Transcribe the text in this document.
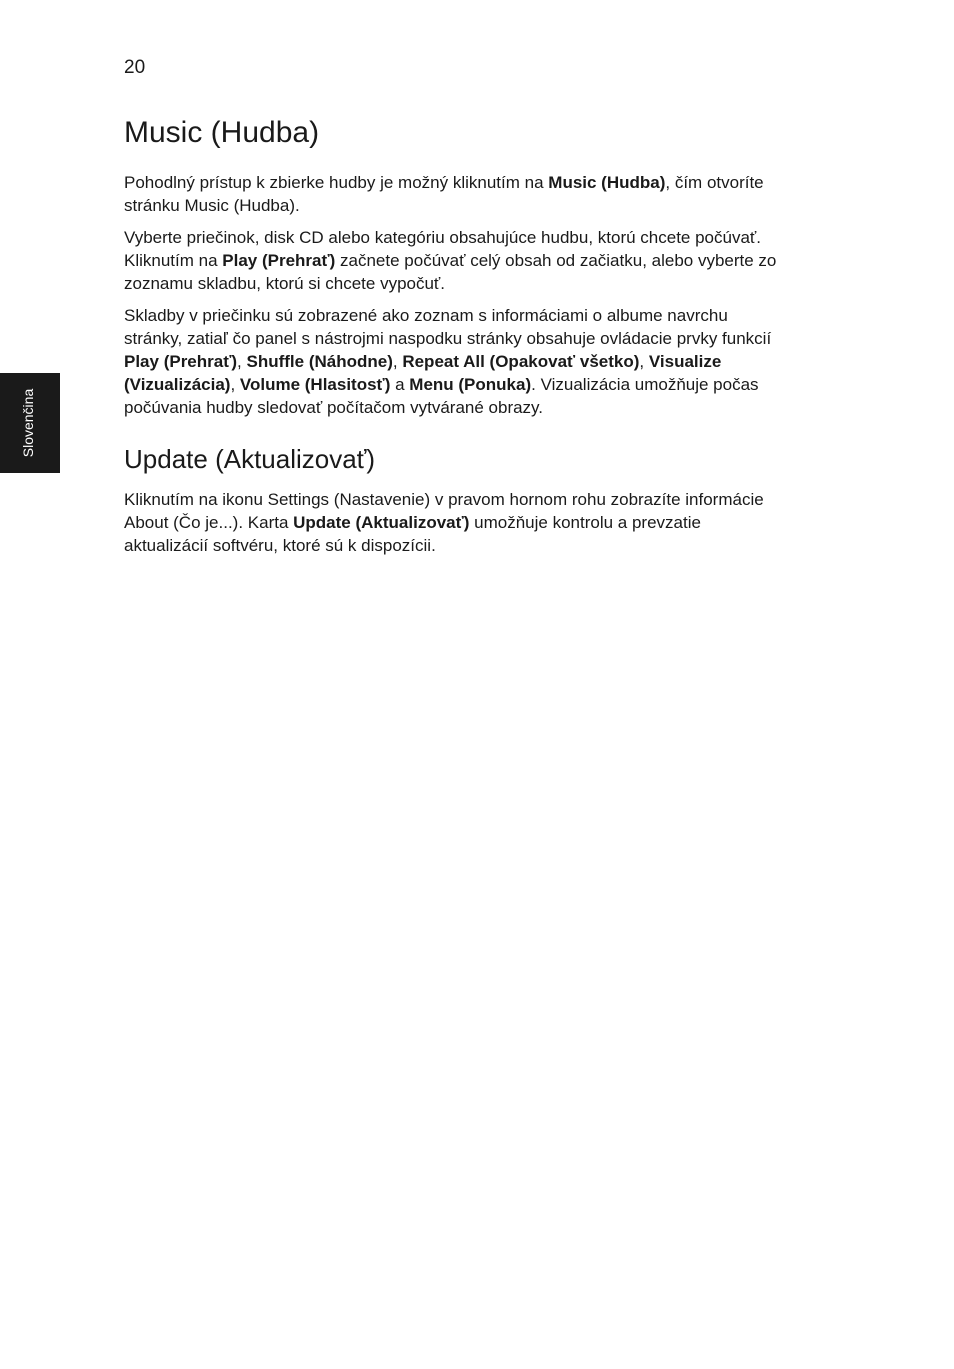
20
Slovenčina
Music (Hudba)

Pohodlný prístup k zbierke hudby je možný kliknutím na Music (Hudba), čím otvoríte stránku Music (Hudba).

Vyberte priečinok, disk CD alebo kategóriu obsahujúce hudbu, ktorú chcete počúvať. Kliknutím na Play (Prehrať) začnete počúvať celý obsah od začiatku, alebo vyberte zo zoznamu skladbu, ktorú si chcete vypočuť.

Skladby v priečinku sú zobrazené ako zoznam s informáciami o albume navrchu stránky, zatiaľ čo panel s nástrojmi naspodku stránky obsahuje ovládacie prvky funkcií Play (Prehrať), Shuffle (Náhodne), Repeat All (Opakovať všetko), Visualize (Vizualizácia), Volume (Hlasitosť) a Menu (Ponuka). Vizualizácia umožňuje počas počúvania hudby sledovať počítačom vytvárané obrazy.

Update (Aktualizovať)

Kliknutím na ikonu Settings (Nastavenie) v pravom hornom rohu zobrazíte informácie About (Čo je...). Karta Update (Aktualizovať) umožňuje kontrolu a prevzatie aktualizácií softvéru, ktoré sú k dispozícii.
